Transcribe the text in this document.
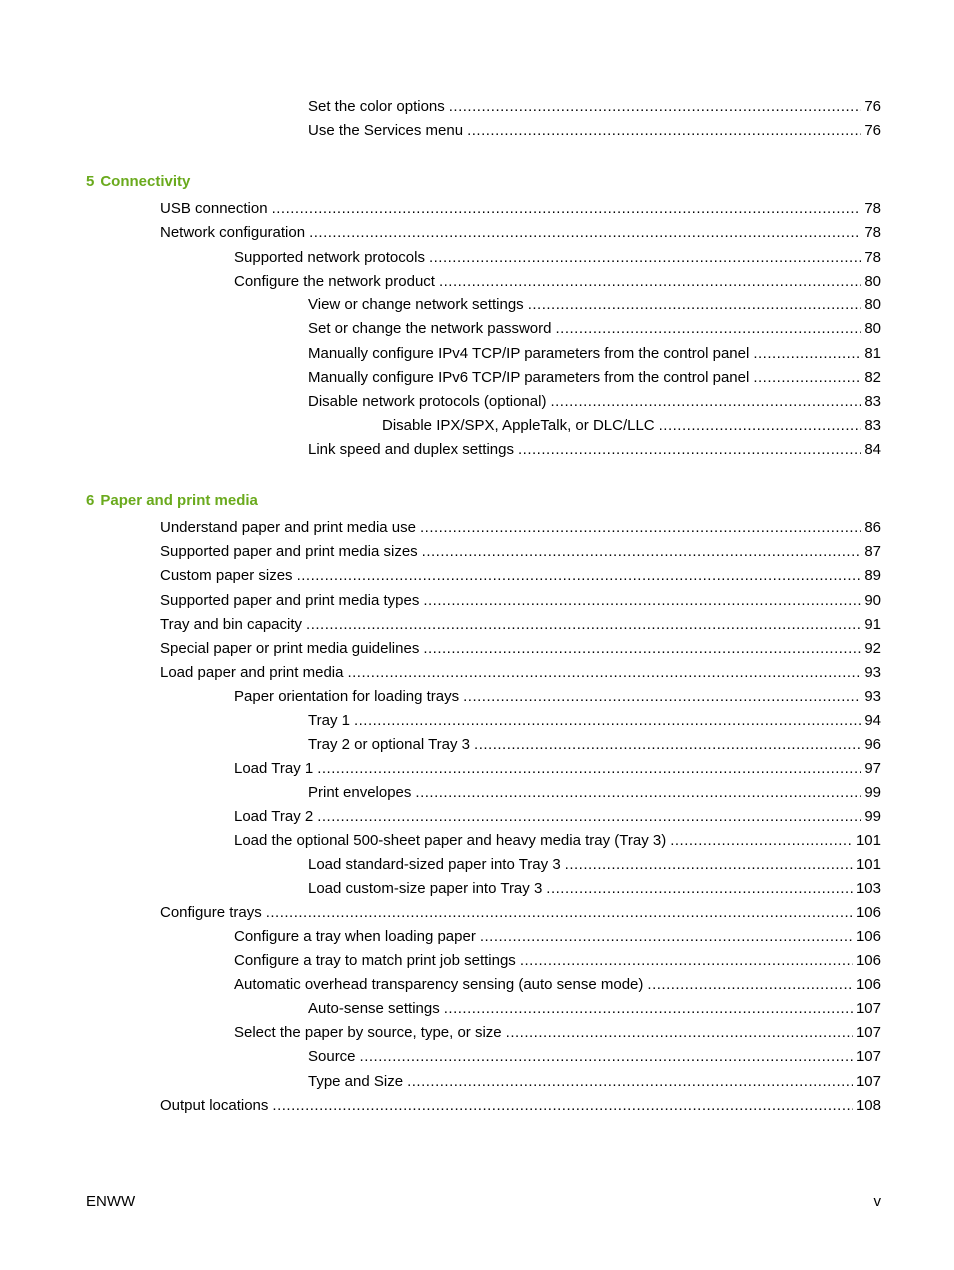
Set the color options .....	76
Use the Services menu .....	76
5 Connectivity
USB connection .....	78
Network configuration .....	78
Supported network protocols .....	78
Configure the network product .....	80
View or change network settings .....	80
Set or change the network password .....	80
Manually configure IPv4 TCP/IP parameters from the control panel .....	81
Manually configure IPv6 TCP/IP parameters from the control panel .....	82
Disable network protocols (optional) .....	83
Disable IPX/SPX, AppleTalk, or DLC/LLC .....	83
Link speed and duplex settings .....	84
6 Paper and print media
Understand paper and print media use .....	86
Supported paper and print media sizes .....	87
Custom paper sizes .....	89
Supported paper and print media types .....	90
Tray and bin capacity .....	91
Special paper or print media guidelines .....	92
Load paper and print media .....	93
Paper orientation for loading trays .....	93
Tray 1 .....	94
Tray 2 or optional Tray 3 .....	96
Load Tray 1 .....	97
Print envelopes .....	99
Load Tray 2 .....	99
Load the optional 500-sheet paper and heavy media tray (Tray 3) .....	101
Load standard-sized paper into Tray 3 .....	101
Load custom-size paper into Tray 3 .....	103
Configure trays .....	106
Configure a tray when loading paper .....	106
Configure a tray to match print job settings .....	106
Automatic overhead transparency sensing (auto sense mode) .....	106
Auto-sense settings .....	107
Select the paper by source, type, or size .....	107
Source .....	107
Type and Size .....	107
Output locations .....	108
ENWW	v
